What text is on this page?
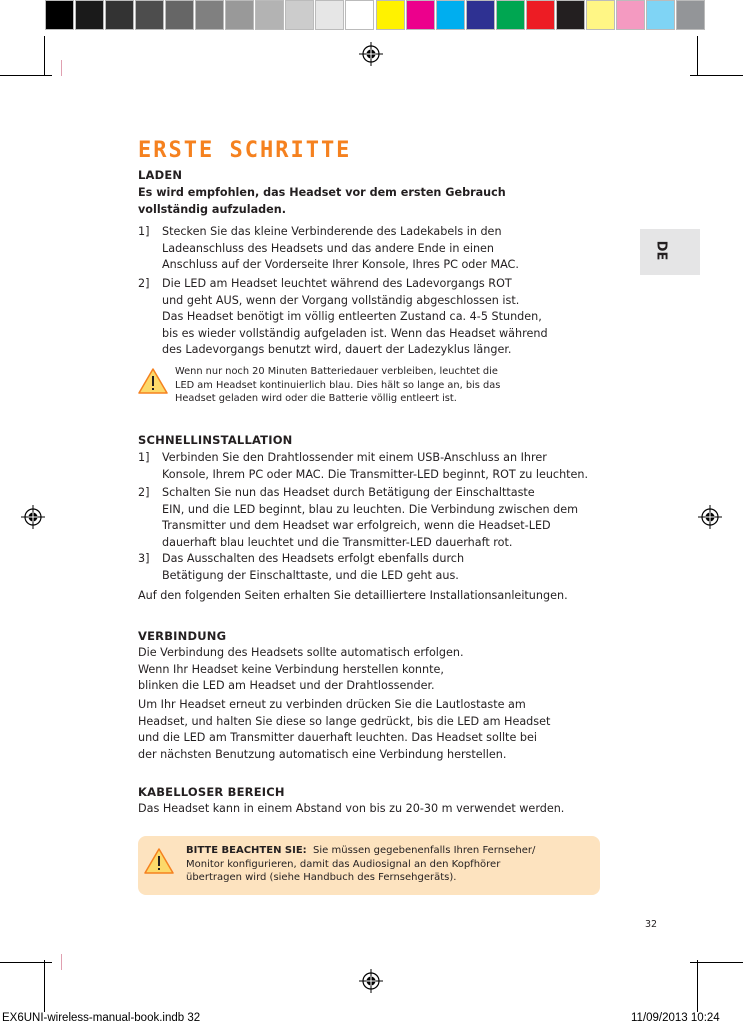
DE
ERSTE SCHRITTE
LADEN
Es wird empfohlen, das Headset vor dem ersten Gebrauch
vollständig aufzuladen.
1]	Stecken Sie das kleine Verbinderende des Ladekabels in den
Ladeanschluss des Headsets und das andere Ende in einen
Anschluss auf der Vorderseite Ihrer Konsole, Ihres PC oder MAC.
2]	Die LED am Headset leuchtet während des Ladevorgangs ROT
und geht AUS, wenn der Vorgang vollständig abgeschlossen ist.
Das Headset benötigt im völlig entleerten Zustand ca. 4-5 Stunden,
bis es wieder vollständig aufgeladen ist. Wenn das Headset während
des Ladevorgangs benutzt wird, dauert der Ladezyklus länger.
Wenn nur noch 20 Minuten Batteriedauer verbleiben, leuchtet die
LED am Headset kontinuierlich blau. Dies hält so lange an, bis das
Headset geladen wird oder die Batterie völlig entleert ist.
SCHNELLINSTALLATION
1]	Verbinden Sie den Drahtlossender mit einem USB-Anschluss an Ihrer
Konsole, Ihrem PC oder MAC. Die Transmitter-LED beginnt, ROT zu leuchten.
2]	Schalten Sie nun das Headset durch Betätigung der Einschalttaste
EIN, und die LED beginnt, blau zu leuchten. Die Verbindung zwischen dem
Transmitter und dem Headset war erfolgreich, wenn die Headset-LED
dauerhaft blau leuchtet und die Transmitter-LED dauerhaft rot.
3]	Das Ausschalten des Headsets erfolgt ebenfalls durch
Betätigung der Einschalttaste, und die LED geht aus.
Auf den folgenden Seiten erhalten Sie detailliertere Installationsanleitungen.
VERBINDUNG
Die Verbindung des Headsets sollte automatisch erfolgen.
Wenn Ihr Headset keine Verbindung herstellen konnte,
blinken die LED am Headset und der Drahtlossender.
Um Ihr Headset erneut zu verbinden drücken Sie die Lautlostaste am
Headset, und halten Sie diese so lange gedrückt, bis die LED am Headset
und die LED am Transmitter dauerhaft leuchten. Das Headset sollte bei
der nächsten Benutzung automatisch eine Verbindung herstellen.
KABELLOSER BEREICH
Das Headset kann in einem Abstand von bis zu 20-30 m verwendet werden.
BITTE BEACHTEN SIE: Sie müssen gegebenenfalls Ihren Fernseher/
Monitor konfigurieren, damit das Audiosignal an den Kopfhörer
übertragen wird (siehe Handbuch des Fernsehgeräts).
32
EX6UNI-wireless-manual-book.indb 32	11/09/2013 10:24
